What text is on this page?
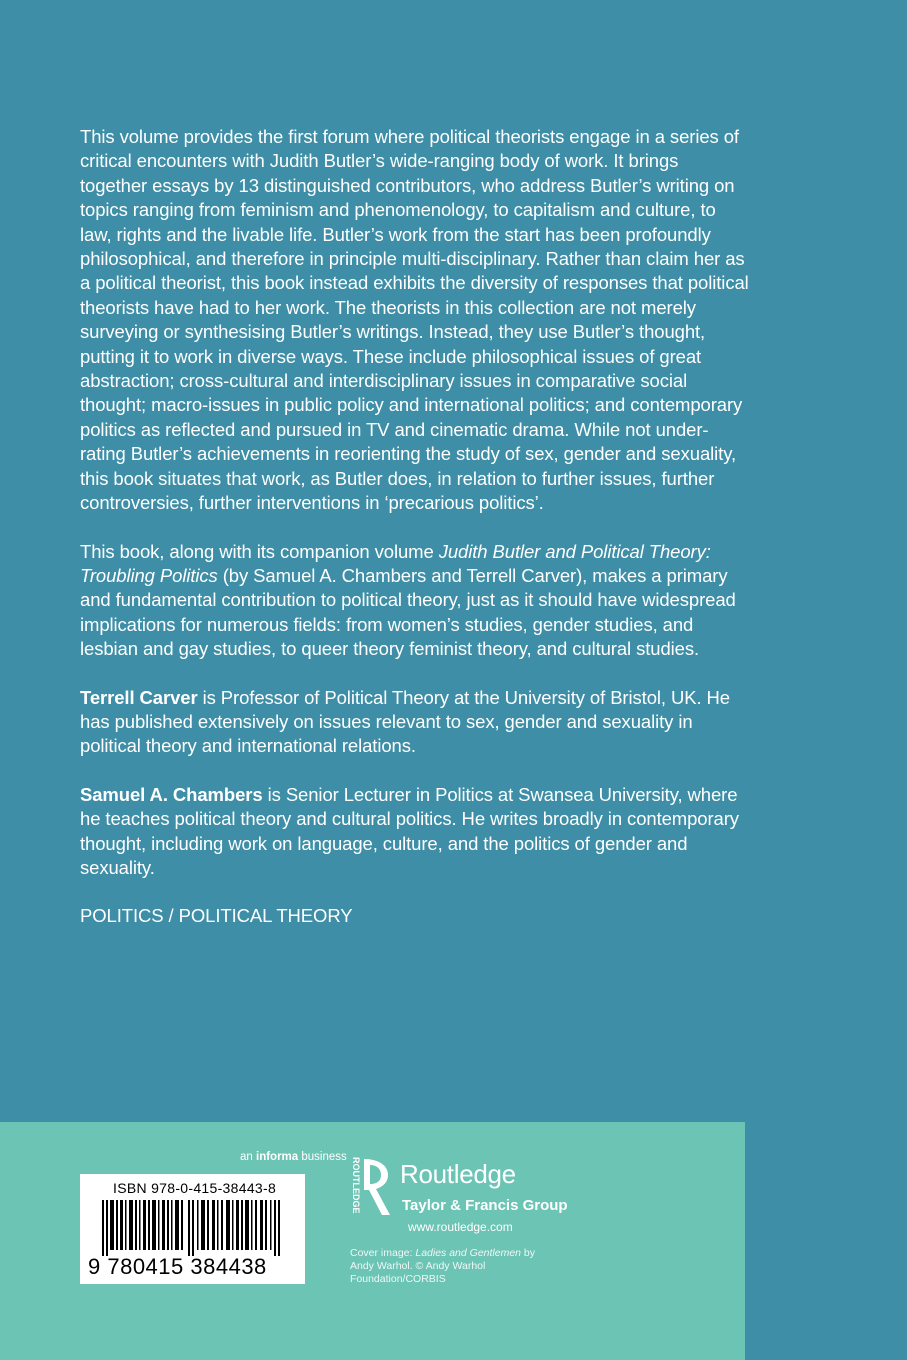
This volume provides the first forum where political theorists engage in a series of critical encounters with Judith Butler’s wide-ranging body of work. It brings together essays by 13 distinguished contributors, who address Butler’s writing on topics ranging from feminism and phenomenology, to capitalism and culture, to law, rights and the livable life. Butler’s work from the start has been profoundly philosophical, and therefore in principle multi-disciplinary. Rather than claim her as a political theorist, this book instead exhibits the diversity of responses that political theorists have had to her work. The theorists in this collection are not merely surveying or synthesising Butler’s writings. Instead, they use Butler’s thought, putting it to work in diverse ways. These include philosophical issues of great abstraction; cross-cultural and interdisciplinary issues in comparative social thought; macro-issues in public policy and international politics; and contemporary politics as reflected and pursued in TV and cinematic drama. While not under-rating Butler’s achievements in reorienting the study of sex, gender and sexuality, this book situates that work, as Butler does, in relation to further issues, further controversies, further interventions in ‘precarious politics’.

This book, along with its companion volume Judith Butler and Political Theory: Troubling Politics (by Samuel A. Chambers and Terrell Carver), makes a primary and fundamental contribution to political theory, just as it should have widespread implications for numerous fields: from women’s studies, gender studies, and lesbian and gay studies, to queer theory feminist theory, and cultural studies.

Terrell Carver is Professor of Political Theory at the University of Bristol, UK. He has published extensively on issues relevant to sex, gender and sexuality in political theory and international relations.

Samuel A. Chambers is Senior Lecturer in Politics at Swansea University, where he teaches political theory and cultural politics. He writes broadly in contemporary thought, including work on language, culture, and the politics of gender and sexuality.

POLITICS / POLITICAL THEORY

an informa business
ISBN 978-0-415-38443-8
9 780415 384438
ROUTLEDGE Routledge
Taylor & Francis Group
www.routledge.com
Cover image: Ladies and Gentlemen by Andy Warhol. © Andy Warhol Foundation/CORBIS
